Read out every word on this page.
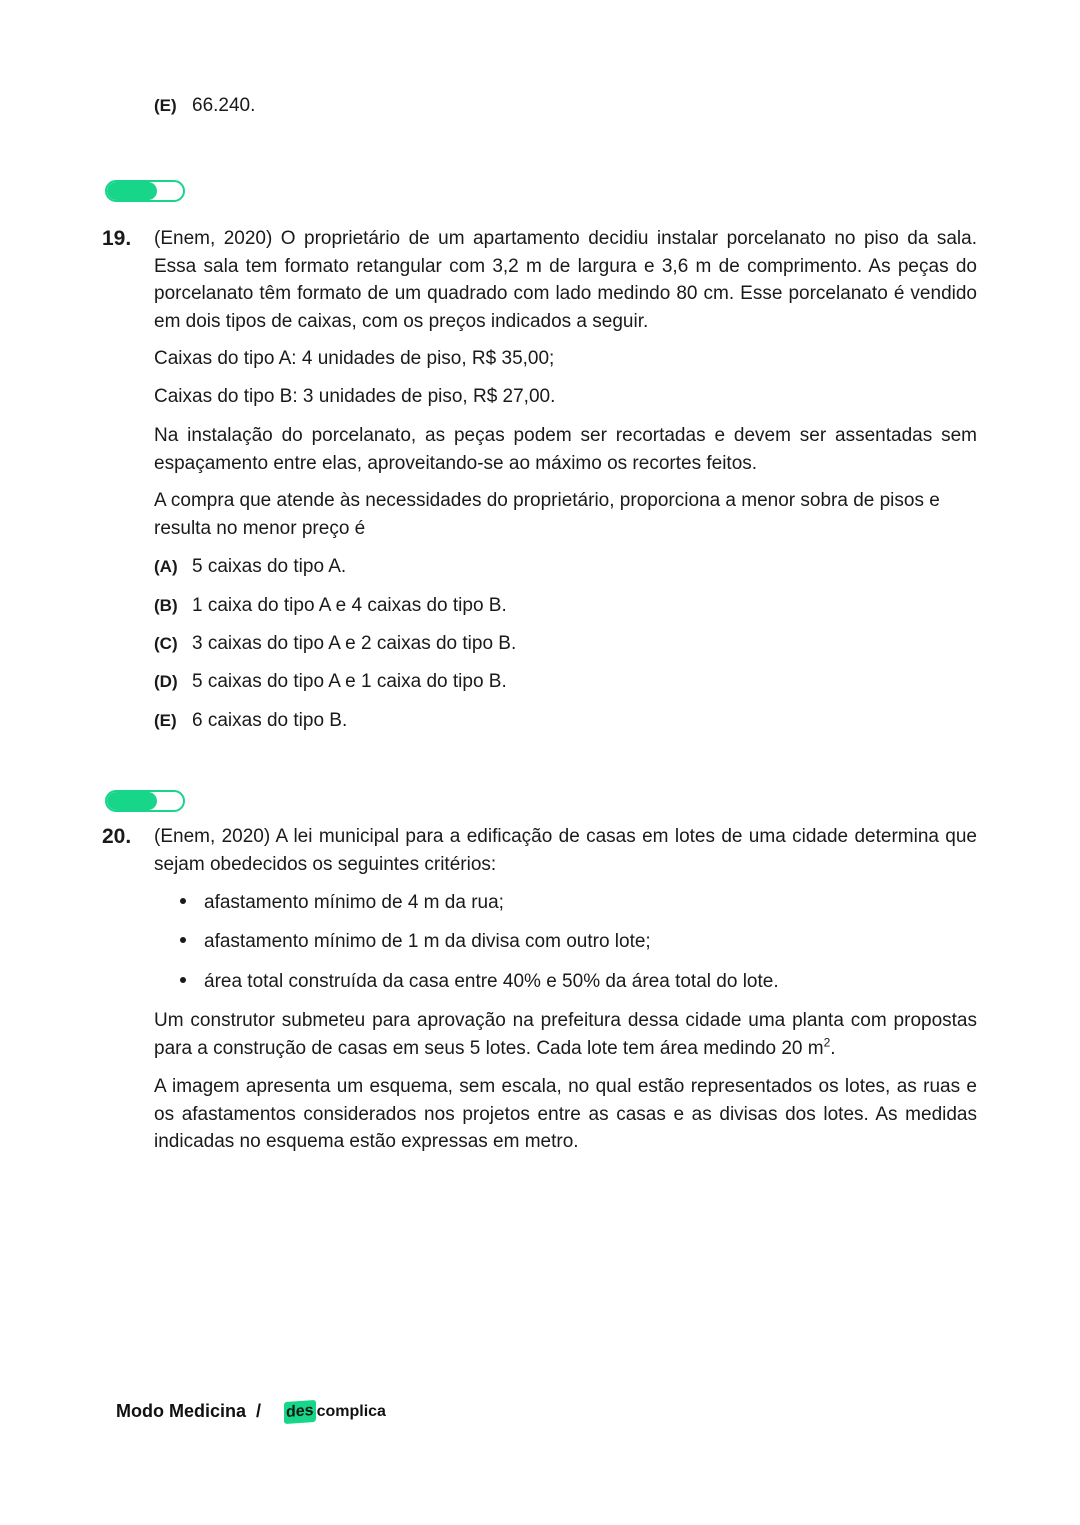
(E) 66.240.
19. (Enem, 2020) O proprietário de um apartamento decidiu instalar porcelanato no piso da sala. Essa sala tem formato retangular com 3,2 m de largura e 3,6 m de comprimento. As peças do porcelanato têm formato de um quadrado com lado medindo 80 cm. Esse porcelanato é vendido em dois tipos de caixas, com os preços indicados a seguir.
Caixas do tipo A: 4 unidades de piso, R$ 35,00;
Caixas do tipo B: 3 unidades de piso, R$ 27,00.
Na instalação do porcelanato, as peças podem ser recortadas e devem ser assentadas sem espaçamento entre elas, aproveitando-se ao máximo os recortes feitos.
A compra que atende às necessidades do proprietário, proporciona a menor sobra de pisos e resulta no menor preço é
(A) 5 caixas do tipo A.
(B) 1 caixa do tipo A e 4 caixas do tipo B.
(C) 3 caixas do tipo A e 2 caixas do tipo B.
(D) 5 caixas do tipo A e 1 caixa do tipo B.
(E) 6 caixas do tipo B.
20. (Enem, 2020) A lei municipal para a edificação de casas em lotes de uma cidade determina que sejam obedecidos os seguintes critérios:
afastamento mínimo de 4 m da rua;
afastamento mínimo de 1 m da divisa com outro lote;
área total construída da casa entre 40% e 50% da área total do lote.
Um construtor submeteu para aprovação na prefeitura dessa cidade uma planta com propostas para a construção de casas em seus 5 lotes. Cada lote tem área medindo 20 $m^2$.
A imagem apresenta um esquema, sem escala, no qual estão representados os lotes, as ruas e os afastamentos considerados nos projetos entre as casas e as divisas dos lotes. As medidas indicadas no esquema estão expressas em metro.
Modo Medicina / des complica
